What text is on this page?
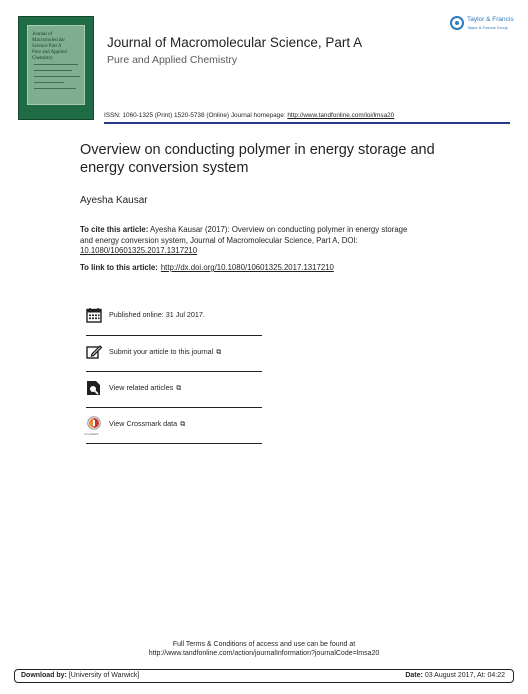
Journal of
Macromolecular
Science Part A
Pure and Applied Chemistry
Journal of Macromolecular Science, Part A
Pure and Applied Chemistry
Taylor & Francis
Taylor & Francis Group
ISSN: 1060-1325 (Print) 1520-5738 (Online) Journal homepage: http://www.tandfonline.com/loi/lmsa20
Overview on conducting polymer in energy storage and energy conversion system
Ayesha Kausar
To cite this article: Ayesha Kausar (2017): Overview on conducting polymer in energy storage and energy conversion system, Journal of Macromolecular Science, Part A, DOI: 10.1080/10601325.2017.1317210
To link to this article: http://dx.doi.org/10.1080/10601325.2017.1317210
Published online: 31 Jul 2017.
Submit your article to this journal ⧉
View related articles ⧉
CrossMark
View Crossmark data ⧉
Full Terms & Conditions of access and use can be found at
http://www.tandfonline.com/action/journalInformation?journalCode=lmsa20
Download by: [University of Warwick]	Date: 03 August 2017, At: 04:22
